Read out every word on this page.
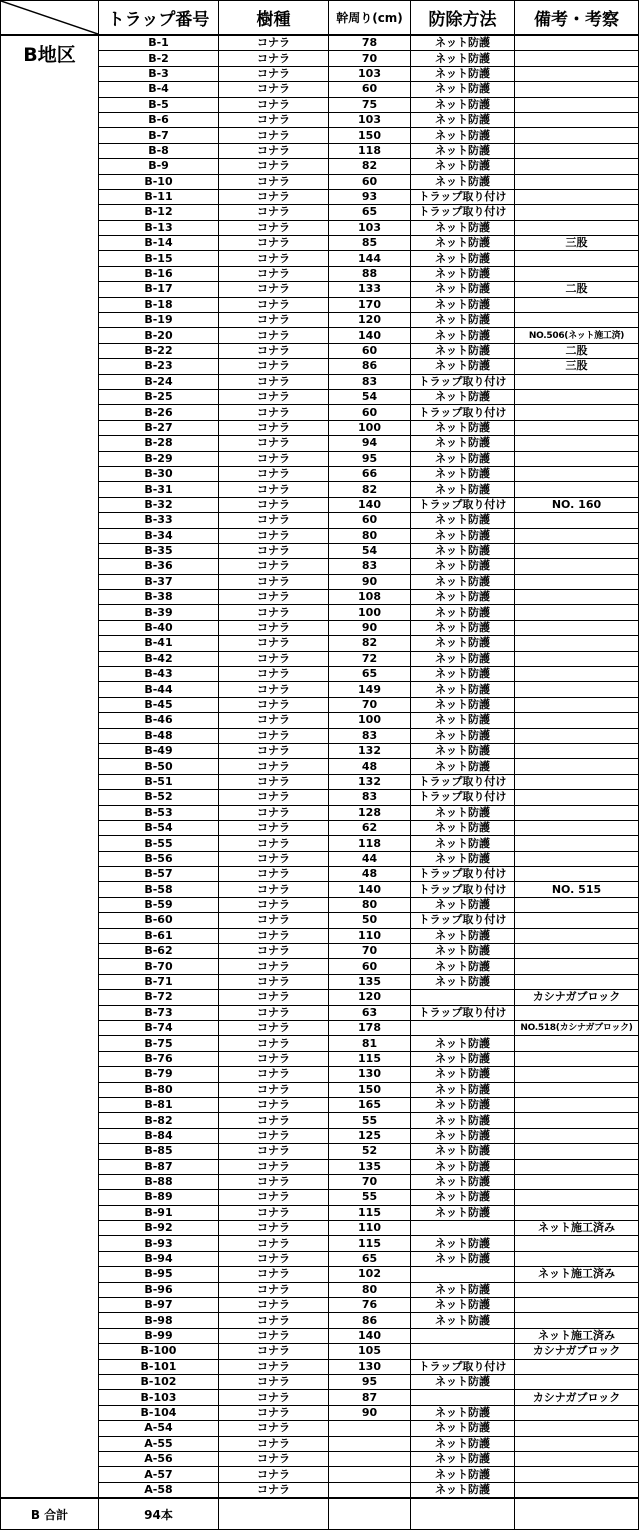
	トラップ番号	樹種	幹周り(cm)	防除方法	備考・考察
B地区	B-1	コナラ	78	ネット防護	
	B-2	コナラ	70	ネット防護	
	B-3	コナラ	103	ネット防護	
	B-4	コナラ	60	ネット防護	
	B-5	コナラ	75	ネット防護	
	B-6	コナラ	103	ネット防護	
	B-7	コナラ	150	ネット防護	
	B-8	コナラ	118	ネット防護	
	B-9	コナラ	82	ネット防護	
	B-10	コナラ	60	ネット防護	
	B-11	コナラ	93	トラップ取り付け	
	B-12	コナラ	65	トラップ取り付け	
	B-13	コナラ	103	ネット防護	
	B-14	コナラ	85	ネット防護	三股
	B-15	コナラ	144	ネット防護	
	B-16	コナラ	88	ネット防護	
	B-17	コナラ	133	ネット防護	二股
	B-18	コナラ	170	ネット防護	
	B-19	コナラ	120	ネット防護	
	B-20	コナラ	140	ネット防護	NO.506(ネット施工済)
	B-22	コナラ	60	ネット防護	二股
	B-23	コナラ	86	ネット防護	三股
	B-24	コナラ	83	トラップ取り付け	
	B-25	コナラ	54	ネット防護	
	B-26	コナラ	60	トラップ取り付け	
	B-27	コナラ	100	ネット防護	
	B-28	コナラ	94	ネット防護	
	B-29	コナラ	95	ネット防護	
	B-30	コナラ	66	ネット防護	
	B-31	コナラ	82	ネット防護	
	B-32	コナラ	140	トラップ取り付け	NO. 160
	B-33	コナラ	60	ネット防護	
	B-34	コナラ	80	ネット防護	
	B-35	コナラ	54	ネット防護	
	B-36	コナラ	83	ネット防護	
	B-37	コナラ	90	ネット防護	
	B-38	コナラ	108	ネット防護	
	B-39	コナラ	100	ネット防護	
	B-40	コナラ	90	ネット防護	
	B-41	コナラ	82	ネット防護	
	B-42	コナラ	72	ネット防護	
	B-43	コナラ	65	ネット防護	
	B-44	コナラ	149	ネット防護	
	B-45	コナラ	70	ネット防護	
	B-46	コナラ	100	ネット防護	
	B-48	コナラ	83	ネット防護	
	B-49	コナラ	132	ネット防護	
	B-50	コナラ	48	ネット防護	
	B-51	コナラ	132	トラップ取り付け	
	B-52	コナラ	83	トラップ取り付け	
	B-53	コナラ	128	ネット防護	
	B-54	コナラ	62	ネット防護	
	B-55	コナラ	118	ネット防護	
	B-56	コナラ	44	ネット防護	
	B-57	コナラ	48	トラップ取り付け	
	B-58	コナラ	140	トラップ取り付け	NO. 515
	B-59	コナラ	80	ネット防護	
	B-60	コナラ	50	トラップ取り付け	
	B-61	コナラ	110	ネット防護	
	B-62	コナラ	70	ネット防護	
	B-70	コナラ	60	ネット防護	
	B-71	コナラ	135	ネット防護	
	B-72	コナラ	120		カシナガブロック
	B-73	コナラ	63	トラップ取り付け	
	B-74	コナラ	178		NO.518(カシナガブロック)
	B-75	コナラ	81	ネット防護	
	B-76	コナラ	115	ネット防護	
	B-79	コナラ	130	ネット防護	
	B-80	コナラ	150	ネット防護	
	B-81	コナラ	165	ネット防護	
	B-82	コナラ	55	ネット防護	
	B-84	コナラ	125	ネット防護	
	B-85	コナラ	52	ネット防護	
	B-87	コナラ	135	ネット防護	
	B-88	コナラ	70	ネット防護	
	B-89	コナラ	55	ネット防護	
	B-91	コナラ	115	ネット防護	
	B-92	コナラ	110		ネット施工済み
	B-93	コナラ	115	ネット防護	
	B-94	コナラ	65	ネット防護	
	B-95	コナラ	102		ネット施工済み
	B-96	コナラ	80	ネット防護	
	B-97	コナラ	76	ネット防護	
	B-98	コナラ	86	ネット防護	
	B-99	コナラ	140		ネット施工済み
	B-100	コナラ	105		カシナガブロック
	B-101	コナラ	130	トラップ取り付け	
	B-102	コナラ	95	ネット防護	
	B-103	コナラ	87		カシナガブロック
	B-104	コナラ	90	ネット防護	
	A-54	コナラ		ネット防護	
	A-55	コナラ		ネット防護	
	A-56	コナラ		ネット防護	
	A-57	コナラ		ネット防護	
	A-58	コナラ		ネット防護	
B 合計	94本				
